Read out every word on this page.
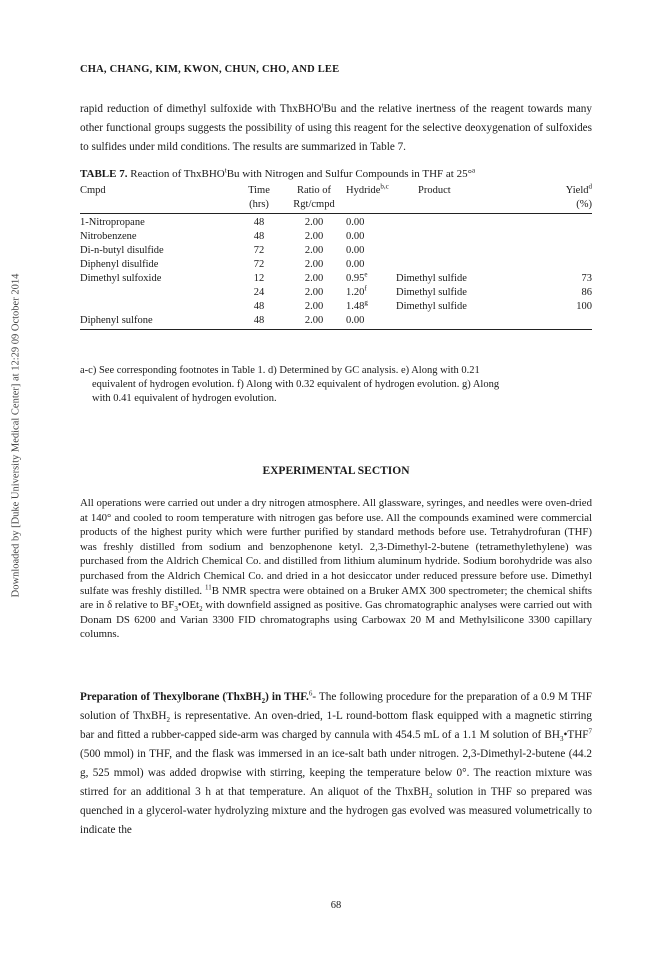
Downloaded by [Duke University Medical Center] at 12:29 09 October 2014
CHA, CHANG, KIM, KWON, CHUN, CHO, AND LEE

rapid reduction of dimethyl sulfoxide with ThxBHO$^t$Bu and the relative inertness of the reagent towards many other functional groups suggests the possibility of using this reagent for the selective deoxygenation of sulfoxides to sulfides under mild conditions. The results are summarized in Table 7.

TABLE 7. Reaction of ThxBHO$^t$Bu with Nitrogen and Sulfur Compounds in THF at 25°$^a$
Cmpd	Time	Ratio of	Hydride$^{b,c}$	Product	Yield$^d$
	(hrs)	Rgt/cmpd			(%)
1-Nitropropane	48	2.00	0.00		
Nitrobenzene	48	2.00	0.00		
Di-n-butyl disulfide	72	2.00	0.00		
Diphenyl disulfide	72	2.00	0.00		
Dimethyl sulfoxide	12	2.00	0.95e	Dimethyl sulfide	73
	24	2.00	1.20$^f$	Dimethyl sulfide	86
	48	2.00	1.48$^g$	Dimethyl sulfide	100
Diphenyl sulfone	48	2.00	0.00		
a-c) See corresponding footnotes in Table 1. d) Determined by GC analysis. e) Along with 0.21
equivalent of hydrogen evolution. f) Along with 0.32 equivalent of hydrogen evolution. g) Along
with 0.41 equivalent of hydrogen evolution.
EXPERIMENTAL SECTION

All operations were carried out under a dry nitrogen atmosphere. All glassware, syringes, and needles were oven-dried at 140° and cooled to room temperature with nitrogen gas before use. All the compounds examined were commercial products of the highest purity which were further purified by standard methods before use. Tetrahydrofuran (THF) was freshly distilled from sodium and benzophenone ketyl. 2,3-Dimethyl-2-butene (tetramethylethylene) was purchased from the Aldrich Chemical Co. and distilled from lithium aluminum hydride. Sodium borohydride was also purchased from the Aldrich Chemical Co. and dried in a hot desiccator under reduced pressure before use. Dimethyl sulfate was freshly distilled. $^{11}$B NMR spectra were obtained on a Bruker AMX 300 spectrometer; the chemical shifts are in δ relative to $BF_3•OEt_2$ with downfield assigned as positive. Gas chromatographic analyses were carried out with Donam DS 6200 and Varian 3300 FID chromatographs using Carbowax 20 M and Methylsilicone 3300 capillary columns.

Preparation of Thexylborane (ThxBH$_2$) in THF.$^6$- The following procedure for the preparation of a 0.9 M THF solution of ThxBH$_2$ is representative. An oven-dried, 1-L round-bottom flask equipped with a magnetic stirring bar and fitted a rubber-capped side-arm was charged by cannula with 454.5 mL of a 1.1 M solution of $BH_3•THF^7$ (500 mmol) in THF, and the flask was immersed in an ice-salt bath under nitrogen. 2,3-Dimethyl-2-butene (44.2 g, 525 mmol) was added dropwise with stirring, keeping the temperature below 0°. The reaction mixture was stirred for an additional 3 h at that temperature. An aliquot of the ThxBH$_2$ solution in THF so prepared was quenched in a glycerol-water hydrolyzing mixture and the hydrogen gas evolved was measured volumetrically to indicate the

68
